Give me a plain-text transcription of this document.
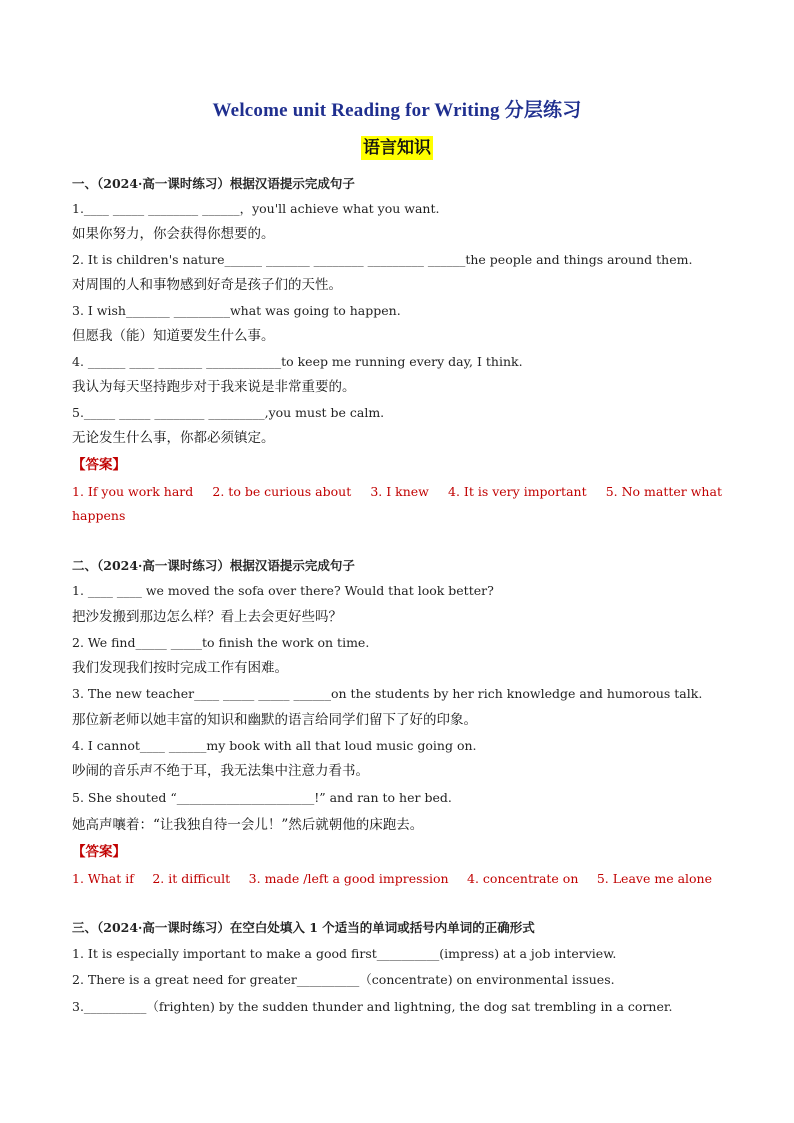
Welcome unit Reading for Writing 分层练习
语言知识
一、（2024·高一课时练习）根据汉语提示完成句子
1.____ _____ ________ ______，you'll achieve what you want.
如果你努力，你会获得你想要的。
2. It is children's nature______ _______ ________ _________ ______the people and things around them.
对周围的人和事物感到好奇是孩子们的天性。
3. I wish_______ _________what was going to happen.
但愿我（能）知道要发生什么事。
4. ______ ____ _______ ____________to keep me running every day, I think.
我认为每天坚持跑步对于我来说是非常重要的。
5._____ _____ ________ _________,you must be calm.
无论发生什么事，你都必须镇定。
【答案】
1. If you work hard 2. to be curious about 3. I knew 4. It is very important 5. No matter what
happens
二、（2024·高一课时练习）根据汉语提示完成句子
1. ____ ____ we moved the sofa over there? Would that look better?
把沙发搬到那边怎么样？看上去会更好些吗？
2. We find_____ _____to finish the work on time.
我们发现我们按时完成工作有困难。
3. The new teacher____ _____ _____ ______on the students by her rich knowledge and humorous talk.
那位新老师以她丰富的知识和幽默的语言给同学们留下了好的印象。
4. I cannot____ ______my book with all that loud music going on.
吵闹的音乐声不绝于耳，我无法集中注意力看书。
5. She shouted “______________________!” and ran to her bed.
她高声嚷着：“让我独自待一会儿！”然后就朝他的床跑去。
【答案】
1. What if 2. it difficult 3. made /left a good impression 4. concentrate on 5. Leave me alone
三、（2024·高一课时练习）在空白处填入 1 个适当的单词或括号内单词的正确形式
1. It is especially important to make a good first__________(impress) at a job interview.
2. There is a great need for greater__________（concentrate) on environmental issues.
3.__________（frighten) by the sudden thunder and lightning, the dog sat trembling in a corner.
